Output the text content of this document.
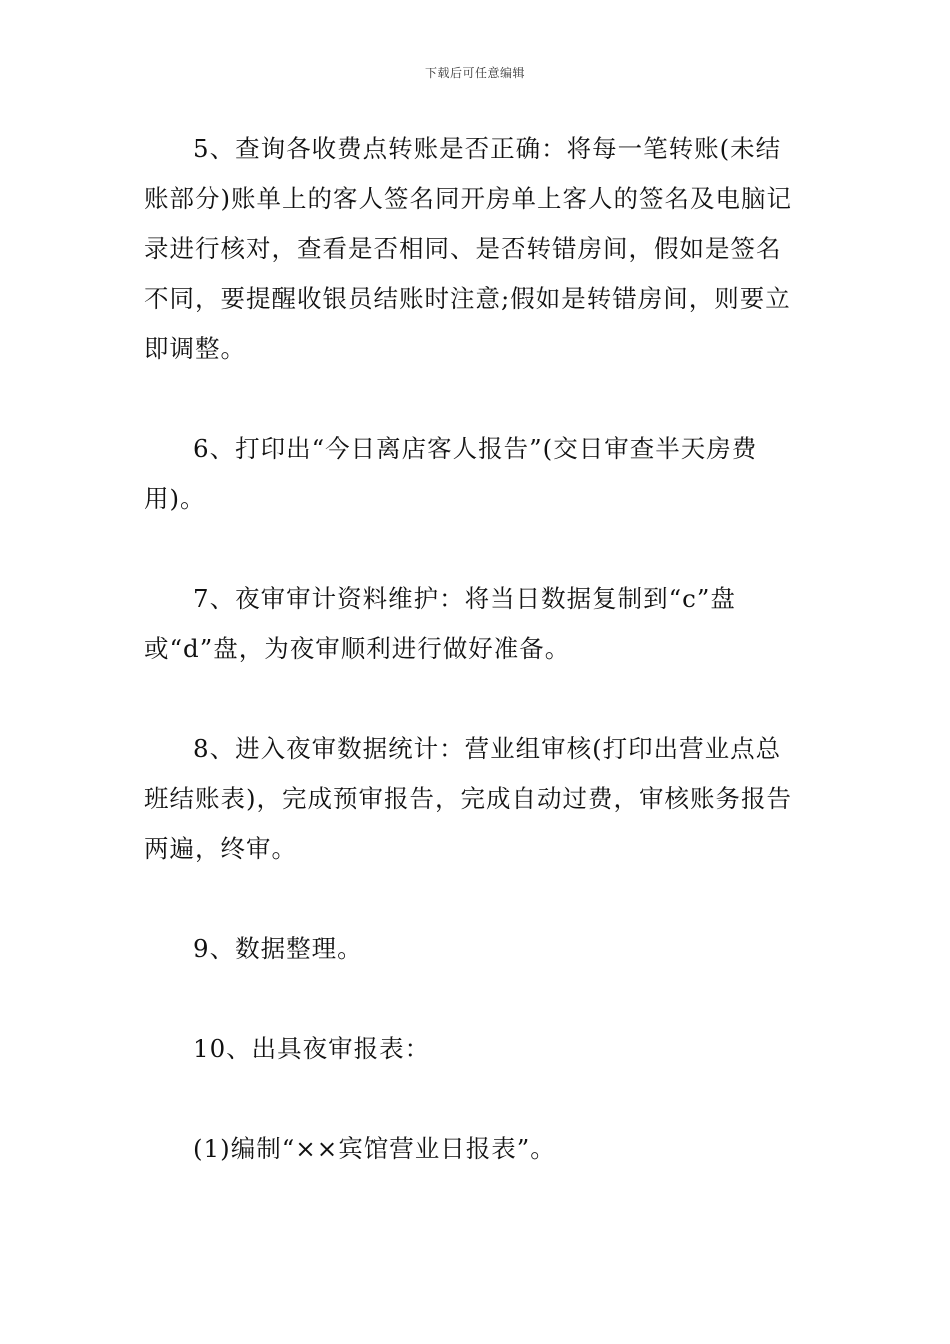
下载后可任意编辑

5、查询各收费点转账是否正确：将每一笔转账(未结账部分)账单上的客人签名同开房单上客人的签名及电脑记录进行核对，查看是否相同、是否转错房间，假如是签名不同，要提醒收银员结账时注意;假如是转错房间，则要立即调整。

6、打印出“今日离店客人报告”(交日审查半天房费用)。

7、夜审审计资料维护：将当日数据复制到“c”盘或“d”盘，为夜审顺利进行做好准备。

8、进入夜审数据统计：营业组审核(打印出营业点总班结账表)，完成预审报告，完成自动过费，审核账务报告两遍，终审。

9、数据整理。

10、出具夜审报表：

(1)编制“××宾馆营业日报表”。
